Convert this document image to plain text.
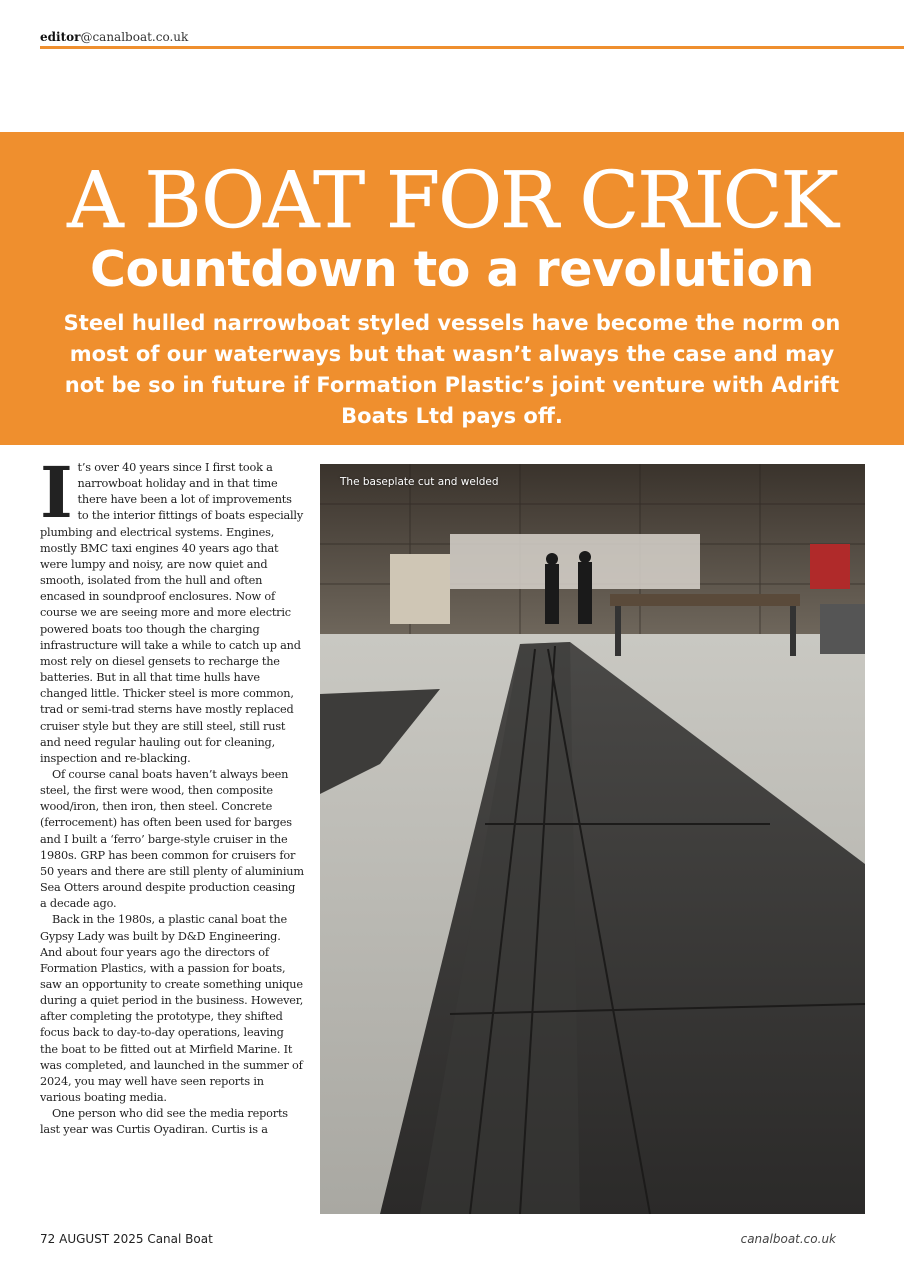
editor@canalboat.co.uk
A BOAT FOR CRICK
Countdown to a revolution
Steel hulled narrowboat styled vessels have become the norm on most of our waterways but that wasn’t always the case and may not be so in future if Formation Plastic’s joint venture with Adrift Boats Ltd pays off.

It’s over 40 years since I first took a narrowboat holiday and in that time there have been a lot of improvements to the interior fittings of boats especially plumbing and electrical systems. Engines, mostly BMC taxi engines 40 years ago that were lumpy and noisy, are now quiet and smooth, isolated from the hull and often encased in soundproof enclosures. Now of course we are seeing more and more electric powered boats too though the charging infrastructure will take a while to catch up and most rely on diesel gensets to recharge the batteries. But in all that time hulls have changed little. Thicker steel is more common, trad or semi-trad sterns have mostly replaced cruiser style but they are still steel, still rust and need regular hauling out for cleaning, inspection and re-blacking.

Of course canal boats haven’t always been steel, the first were wood, then composite wood/iron, then iron, then steel. Concrete (ferrocement) has often been used for barges and I built a ‘ferro’ barge-style cruiser in the 1980s. GRP has been common for cruisers for 50 years and there are still plenty of aluminium Sea Otters around despite production ceasing a decade ago.

Back in the 1980s, a plastic canal boat the Gypsy Lady was built by D&D Engineering. And about four years ago the directors of Formation Plastics, with a passion for boats, saw an opportunity to create something unique during a quiet period in the business. However, after completing the prototype, they shifted focus back to day-to-day operations, leaving the boat to be fitted out at Mirfield Marine. It was completed, and launched in the summer of 2024, you may well have seen reports in various boating media.

One person who did see the media reports last year was Curtis Oyadiran. Curtis is a

The baseplate cut and welded
72 AUGUST 2025 Canal Boat	canalboat.co.uk
